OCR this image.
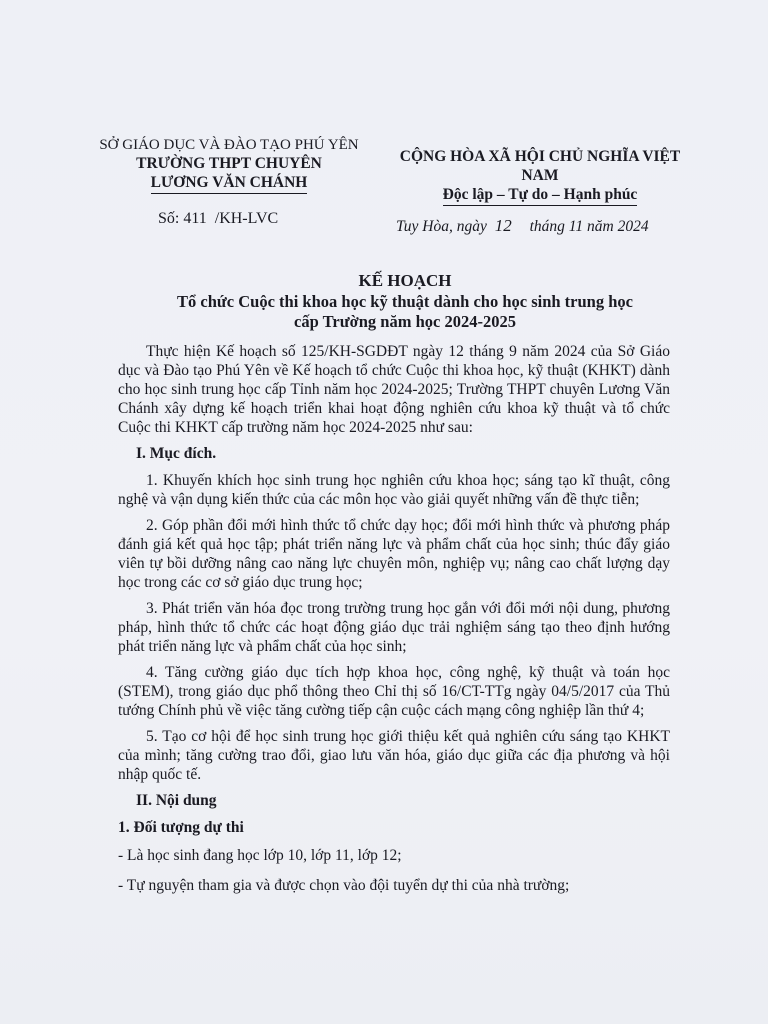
SỞ GIÁO DỤC VÀ ĐÀO TẠO PHÚ YÊN
TRƯỜNG THPT CHUYÊN
LƯƠNG VĂN CHÁNH
CỘNG HÒA XÃ HỘI CHỦ NGHĨA VIỆT NAM
Độc lập – Tự do – Hạnh phúc
Số: 411  /KH-LVC	Tuy Hòa, ngày 12 tháng 11 năm 2024
KẾ HOẠCH
Tổ chức Cuộc thi khoa học kỹ thuật dành cho học sinh trung học
cấp Trường năm học 2024-2025

Thực hiện Kế hoạch số 125/KH-SGDĐT ngày 12 tháng 9 năm 2024 của Sở Giáo dục và Đào tạo Phú Yên về Kế hoạch tổ chức Cuộc thi khoa học, kỹ thuật (KHKT) dành cho học sinh trung học cấp Tỉnh năm học 2024-2025; Trường THPT chuyên Lương Văn Chánh xây dựng kế hoạch triển khai hoạt động nghiên cứu khoa kỹ thuật và tổ chức Cuộc thi KHKT cấp trường năm học 2024-2025 như sau:

I. Mục đích.

1. Khuyến khích học sinh trung học nghiên cứu khoa học; sáng tạo kĩ thuật, công nghệ và vận dụng kiến thức của các môn học vào giải quyết những vấn đề thực tiễn;

2. Góp phần đổi mới hình thức tổ chức dạy học; đổi mới hình thức và phương pháp đánh giá kết quả học tập; phát triển năng lực và phẩm chất của học sinh; thúc đẩy giáo viên tự bồi dưỡng nâng cao năng lực chuyên môn, nghiệp vụ; nâng cao chất lượng dạy học trong các cơ sở giáo dục trung học;

3. Phát triển văn hóa đọc trong trường trung học gắn với đổi mới nội dung, phương pháp, hình thức tổ chức các hoạt động giáo dục trải nghiệm sáng tạo theo định hướng phát triển năng lực và phẩm chất của học sinh;

4. Tăng cường giáo dục tích hợp khoa học, công nghệ, kỹ thuật và toán học (STEM), trong giáo dục phổ thông theo Chỉ thị số 16/CT-TTg ngày 04/5/2017 của Thủ tướng Chính phủ về việc tăng cường tiếp cận cuộc cách mạng công nghiệp lần thứ 4;

5. Tạo cơ hội để học sinh trung học giới thiệu kết quả nghiên cứu sáng tạo KHKT của mình; tăng cường trao đổi, giao lưu văn hóa, giáo dục giữa các địa phương và hội nhập quốc tế.

II. Nội dung

1. Đối tượng dự thi

- Là học sinh đang học lớp 10, lớp 11, lớp 12;

- Tự nguyện tham gia và được chọn vào đội tuyển dự thi của nhà trường;
